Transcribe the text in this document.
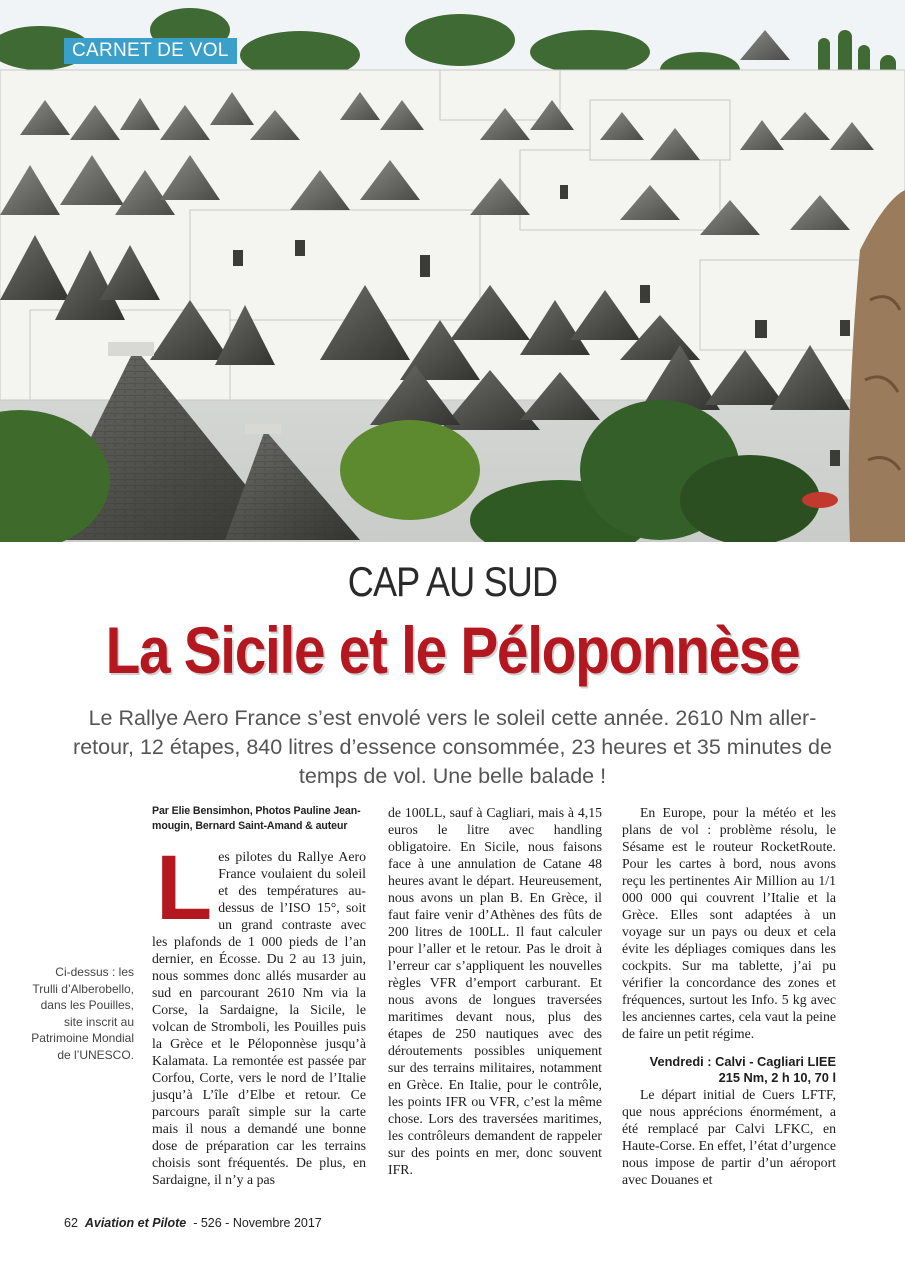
CARNET DE VOL
CAP AU SUD
La Sicile et le Péloponnèse
Le Rallye Aero France s’est envolé vers le soleil cette année. 2610 Nm aller-retour, 12 étapes, 840 litres d’essence consommée, 23 heures et 35 minutes de temps de vol. Une belle balade !
Ci-dessus : les Trulli d’Alberobello, dans les Pouilles, site inscrit au Patrimoine Mondial de l’UNESCO.
Par Elie Bensimhon, Photos Pauline Jean-mougin, Bernard Saint-Amand & auteur

Les pilotes du Rallye Aero France voulaient du soleil et des températures au-dessus de l’ISO 15°, soit un grand contraste avec les plafonds de 1 000 pieds de l’an dernier, en Écosse. Du 2 au 13 juin, nous sommes donc allés musarder au sud en parcourant 2610 Nm via la Corse, la Sardaigne, la Sicile, le volcan de Stromboli, les Pouilles puis la Grèce et le Péloponnèse jusqu’à Kalamata. La remontée est passée par Corfou, Corte, vers le nord de l’Italie jusqu’à L’île d’Elbe et retour. Ce parcours paraît simple sur la carte mais il nous a demandé une bonne dose de préparation car les terrains choisis sont fréquentés. De plus, en Sardaigne, il n’y a pas

de 100LL, sauf à Cagliari, mais à 4,15 euros le litre avec handling obligatoire. En Sicile, nous faisons face à une annulation de Catane 48 heures avant le départ. Heureusement, nous avons un plan B. En Grèce, il faut faire venir d’Athènes des fûts de 200 litres de 100LL. Il faut calculer pour l’aller et le retour. Pas le droit à l’erreur car s’appliquent les nouvelles règles VFR d’emport carburant. Et nous avons de longues traversées maritimes devant nous, plus des étapes de 250 nautiques avec des déroutements possibles uniquement sur des terrains militaires, notamment en Grèce. En Italie, pour le contrôle, les points IFR ou VFR, c’est la même chose. Lors des traversées maritimes, les contrôleurs demandent de rappeler sur des points en mer, donc souvent IFR.

En Europe, pour la météo et les plans de vol : problème résolu, le Sésame est le routeur RocketRoute. Pour les cartes à bord, nous avons reçu les pertinentes Air Million au 1/1 000 000 qui couvrent l’Italie et la Grèce. Elles sont adaptées à un voyage sur un pays ou deux et cela évite les dépliages comiques dans les cockpits. Sur ma tablette, j’ai pu vérifier la concordance des zones et fréquences, surtout les Info. 5 kg avec les anciennes cartes, cela vaut la peine de faire un petit régime.

Vendredi : Calvi - Cagliari LIEE
215 Nm, 2 h 10, 70 l

Le départ initial de Cuers LFTF, que nous apprécions énormément, a été remplacé par Calvi LFKC, en Haute-Corse. En effet, l’état d’urgence nous impose de partir d’un aéroport avec Douanes et

62 Aviation et Pilote - 526 - Novembre 2017
